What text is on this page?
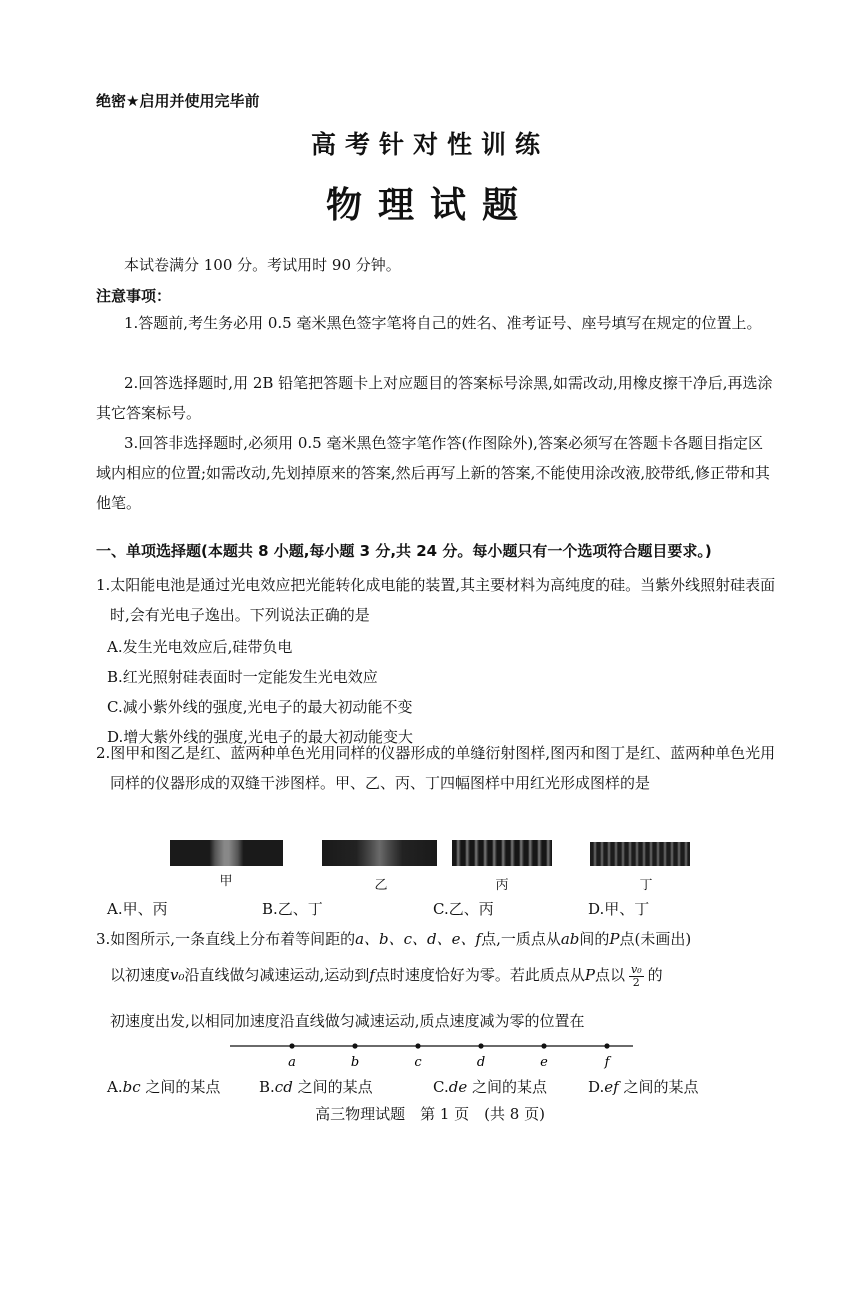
绝密★启用并使用完毕前
高考针对性训练
物理试题
本试卷满分 100 分。考试用时 90 分钟。
注意事项：
1.答题前,考生务必用 0.5 毫米黑色签字笔将自己的姓名、准考证号、座号填写在规定的位置上。
2.回答选择题时,用 2B 铅笔把答题卡上对应题目的答案标号涂黑,如需改动,用橡皮擦干净后,再选涂其它答案标号。
3.回答非选择题时,必须用 0.5 毫米黑色签字笔作答(作图除外),答案必须写在答题卡各题目指定区域内相应的位置;如需改动,先划掉原来的答案,然后再写上新的答案,不能使用涂改液,胶带纸,修正带和其他笔。
一、单项选择题(本题共 8 小题,每小题 3 分,共 24 分。每小题只有一个选项符合题目要求。)
1.太阳能电池是通过光电效应把光能转化成电能的装置,其主要材料为高纯度的硅。当紫外线照射硅表面时,会有光电子逸出。下列说法正确的是
A.发生光电效应后,硅带负电
B.红光照射硅表面时一定能发生光电效应
C.减小紫外线的强度,光电子的最大初动能不变
D.增大紫外线的强度,光电子的最大初动能变大
2.图甲和图乙是红、蓝两种单色光用同样的仪器形成的单缝衍射图样,图丙和图丁是红、蓝两种单色光用同样的仪器形成的双缝干涉图样。甲、乙、丙、丁四幅图样中用红光形成图样的是
甲	乙	丙	丁
A.甲、丙	B.乙、丁	C.乙、丙	D.甲、丁
3.如图所示,一条直线上分布着等间距的a、b、c、d、e、f点,一质点从ab间的P点(未画出)
以初速度v₀沿直线做匀减速运动,运动到f点时速度恰好为零。若此质点从P点以 $\frac{\text{v₀}}{2}$ 的
初速度出发,以相同加速度沿直线做匀减速运动,质点速度减为零的位置在
a	b	c	d	e	f
A.bc 之间的某点	B.cd 之间的某点	C.de 之间的某点	D.ef 之间的某点
高三物理试题　第 1 页　(共 8 页)
